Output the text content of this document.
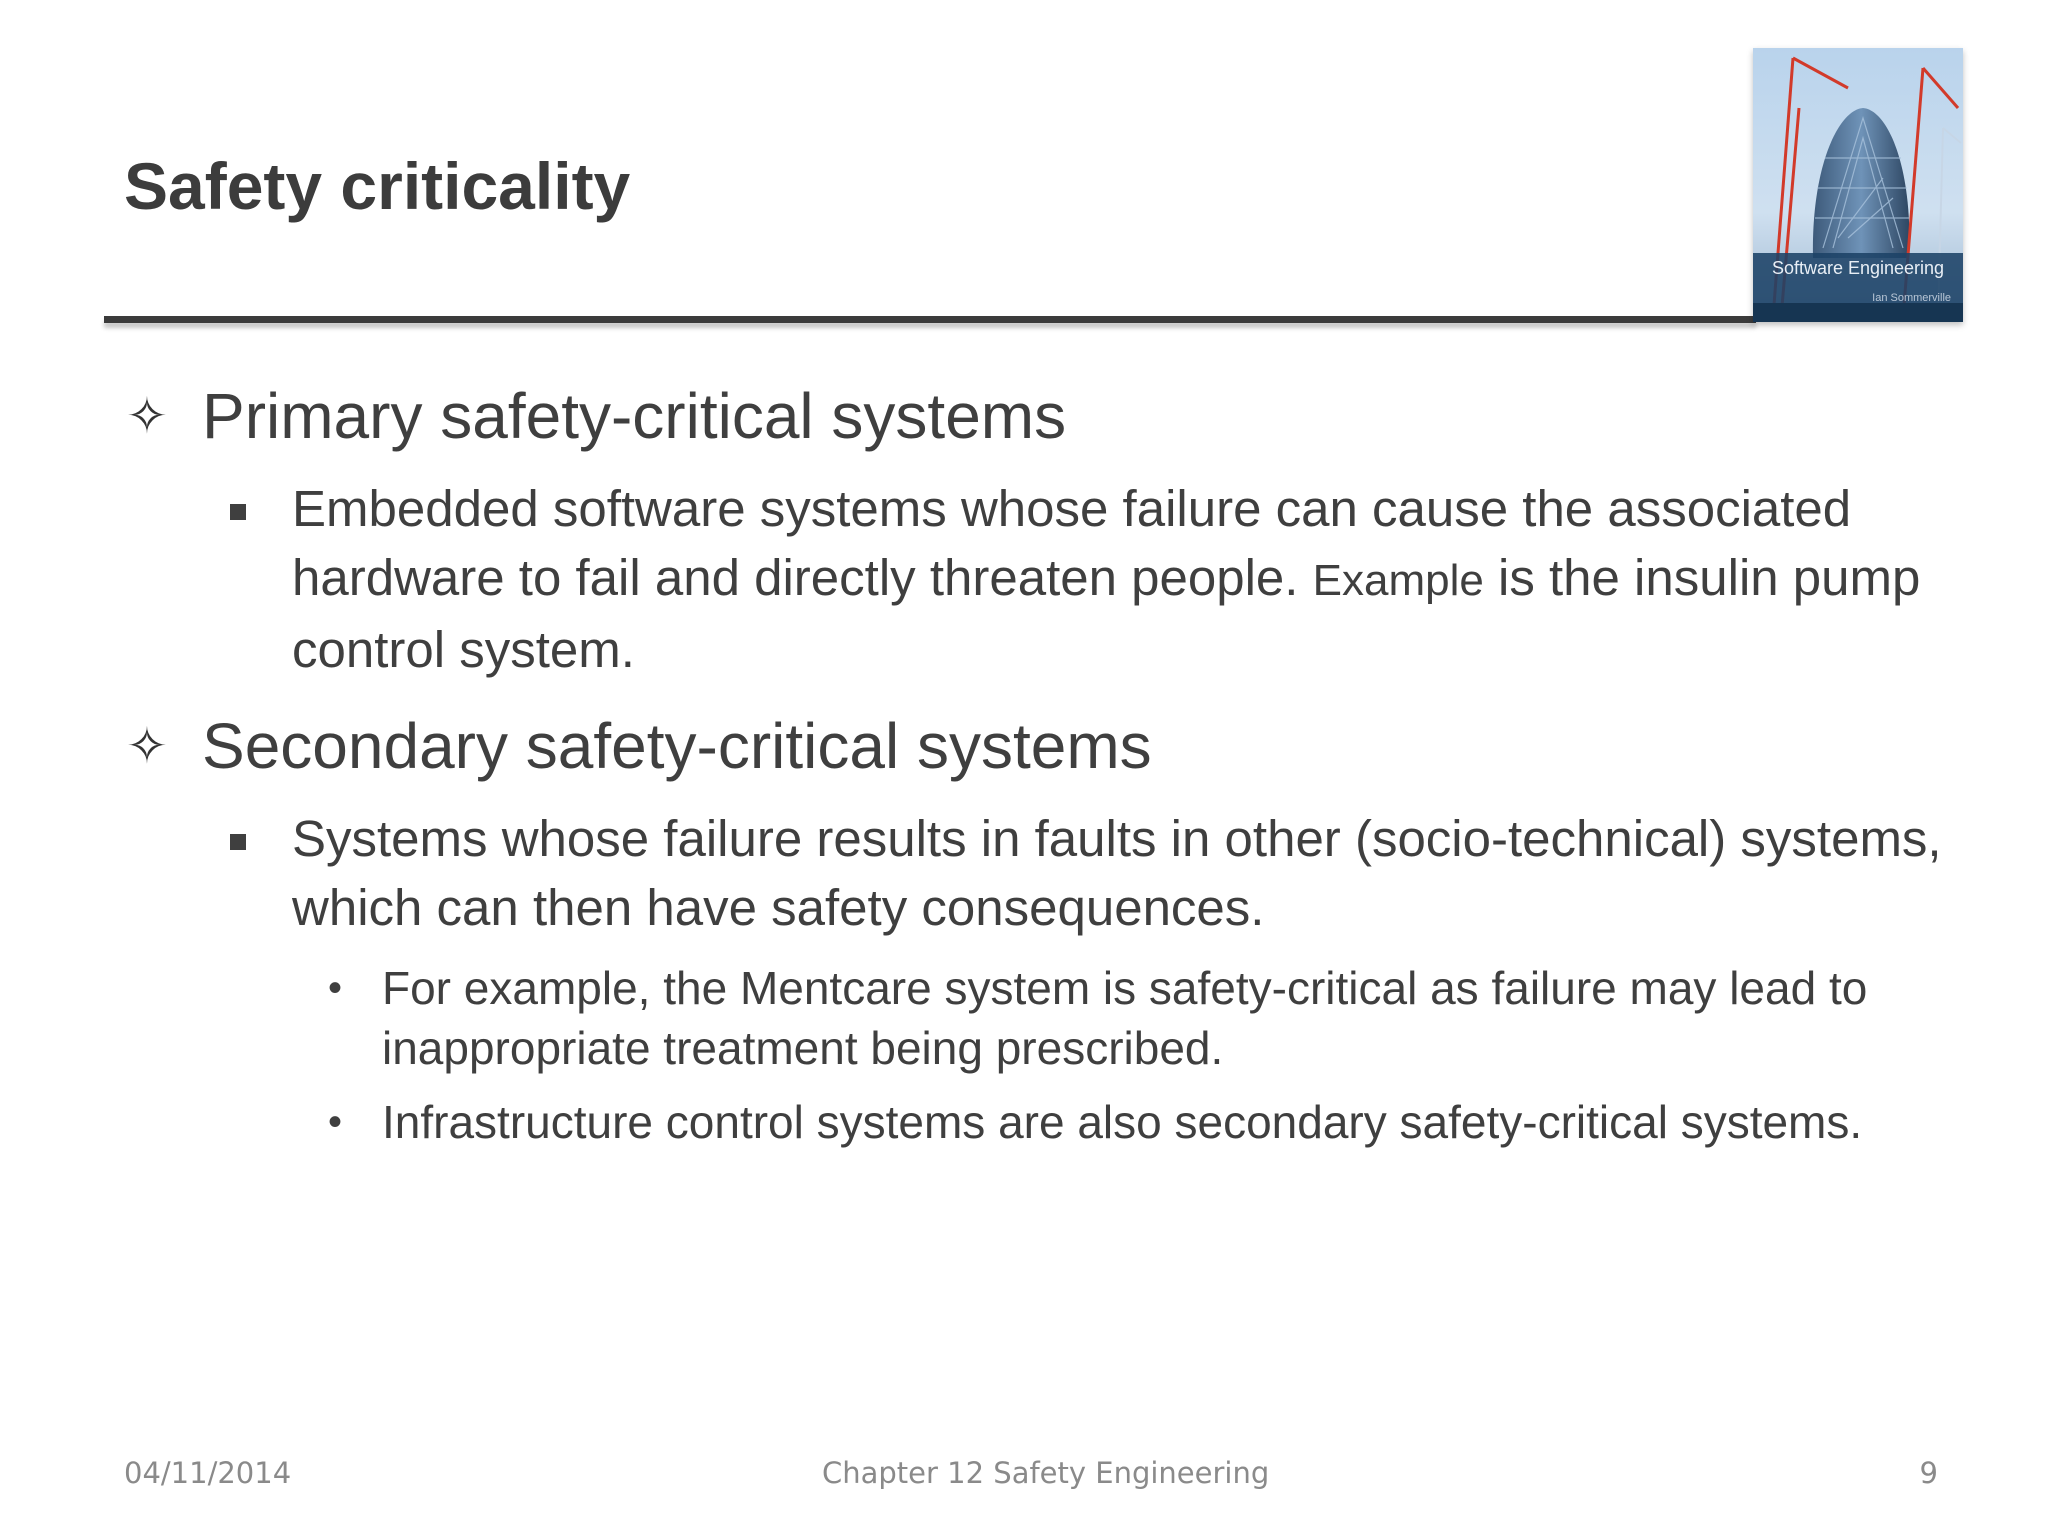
Safety criticality
Software Engineering
Ian Sommerville
✧ Primary safety-critical systems
Embedded software systems whose failure can cause the associated hardware to fail and directly threaten people. Example is the insulin pump control system.
✧ Secondary safety-critical systems
Systems whose failure results in faults in other (socio-technical) systems, which can then have safety consequences.
• For example, the Mentcare system is safety-critical as failure may lead to inappropriate treatment being prescribed.
• Infrastructure control systems are also secondary safety-critical systems.
04/11/2014	Chapter 12 Safety Engineering	9
